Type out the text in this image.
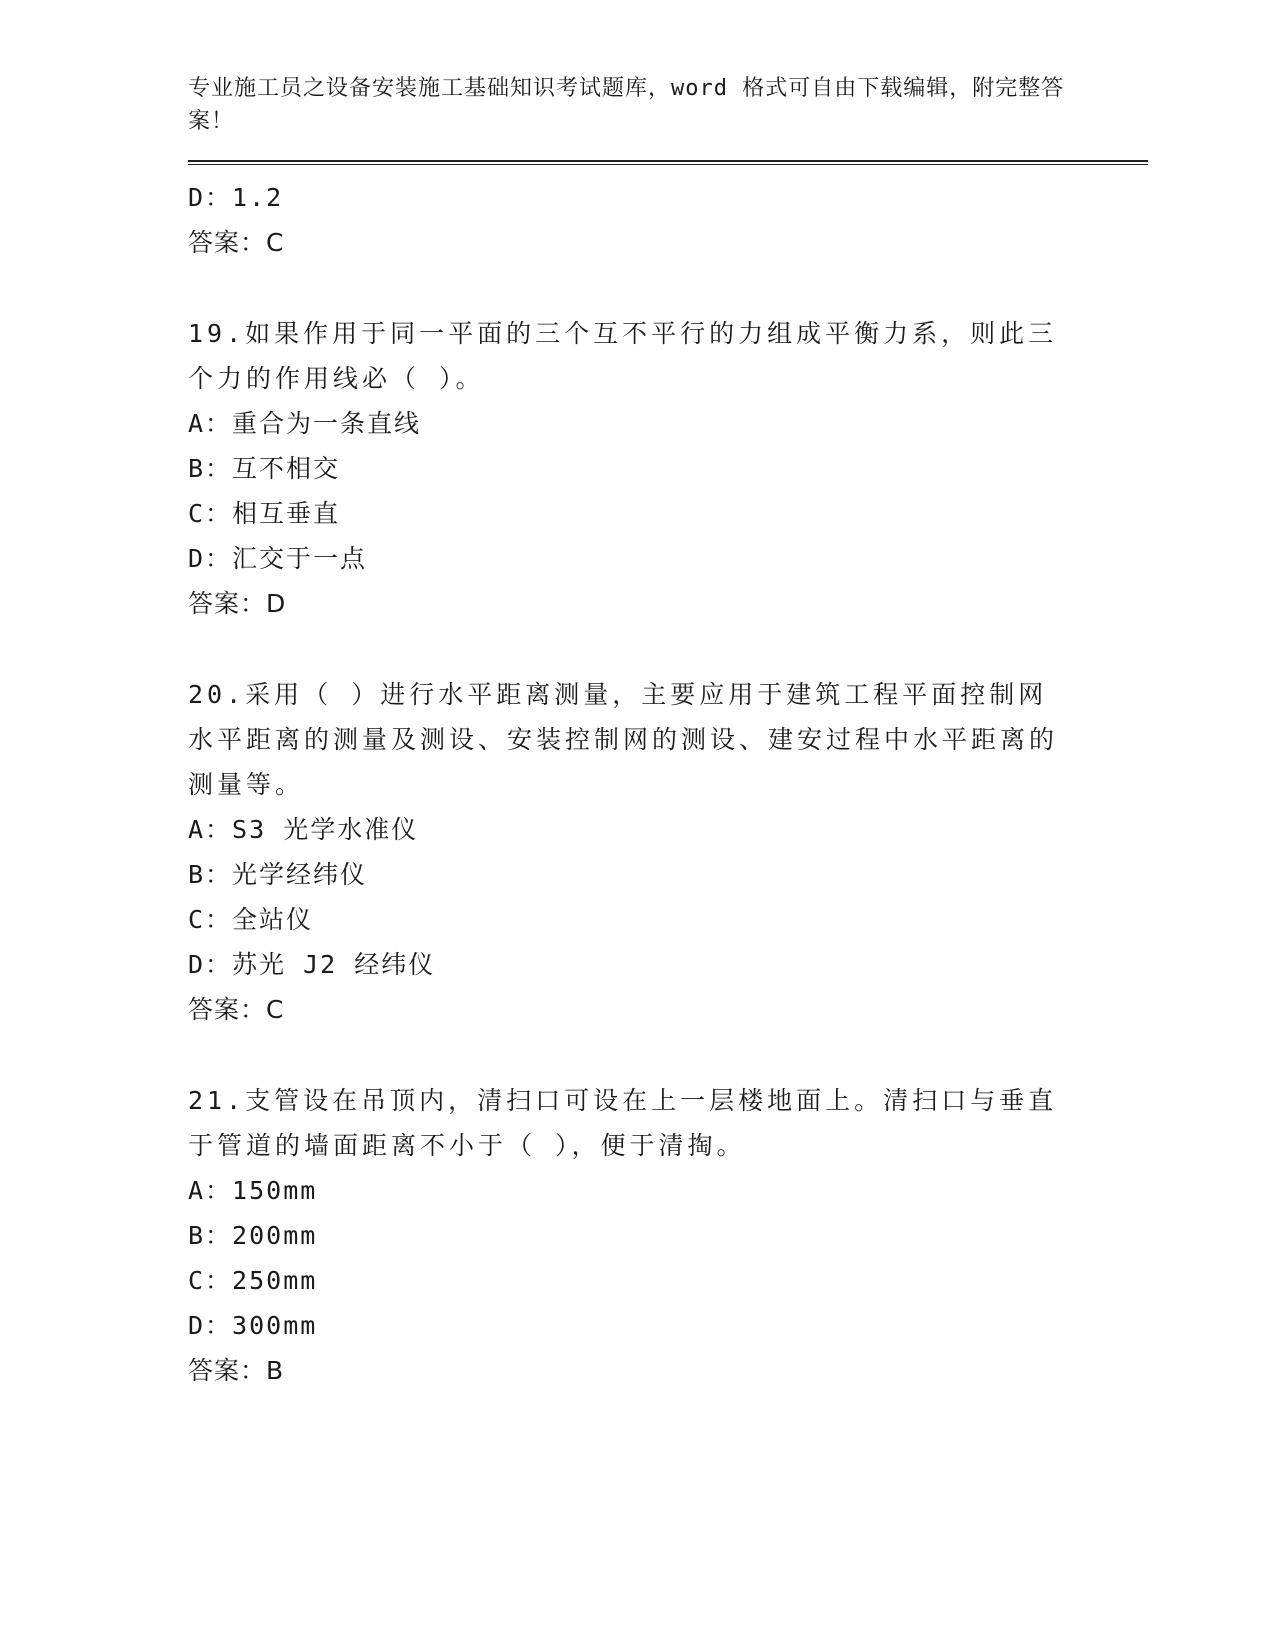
专业施工员之设备安装施工基础知识考试题库，word 格式可自由下载编辑，附完整答案！
D：1.2
答案：C
19.如果作用于同一平面的三个互不平行的力组成平衡力系，则此三个力的作用线必（ ）。
A：重合为一条直线
B：互不相交
C：相互垂直
D：汇交于一点
答案：D
20.采用（ ）进行水平距离测量，主要应用于建筑工程平面控制网水平距离的测量及测设、安装控制网的测设、建安过程中水平距离的测量等。
A：S3 光学水准仪
B：光学经纬仪
C：全站仪
D：苏光 J2 经纬仪
答案：C
21.支管设在吊顶内，清扫口可设在上一层楼地面上。清扫口与垂直于管道的墙面距离不小于（ ），便于清掏。
A：150mm
B：200mm
C：250mm
D：300mm
答案：B
